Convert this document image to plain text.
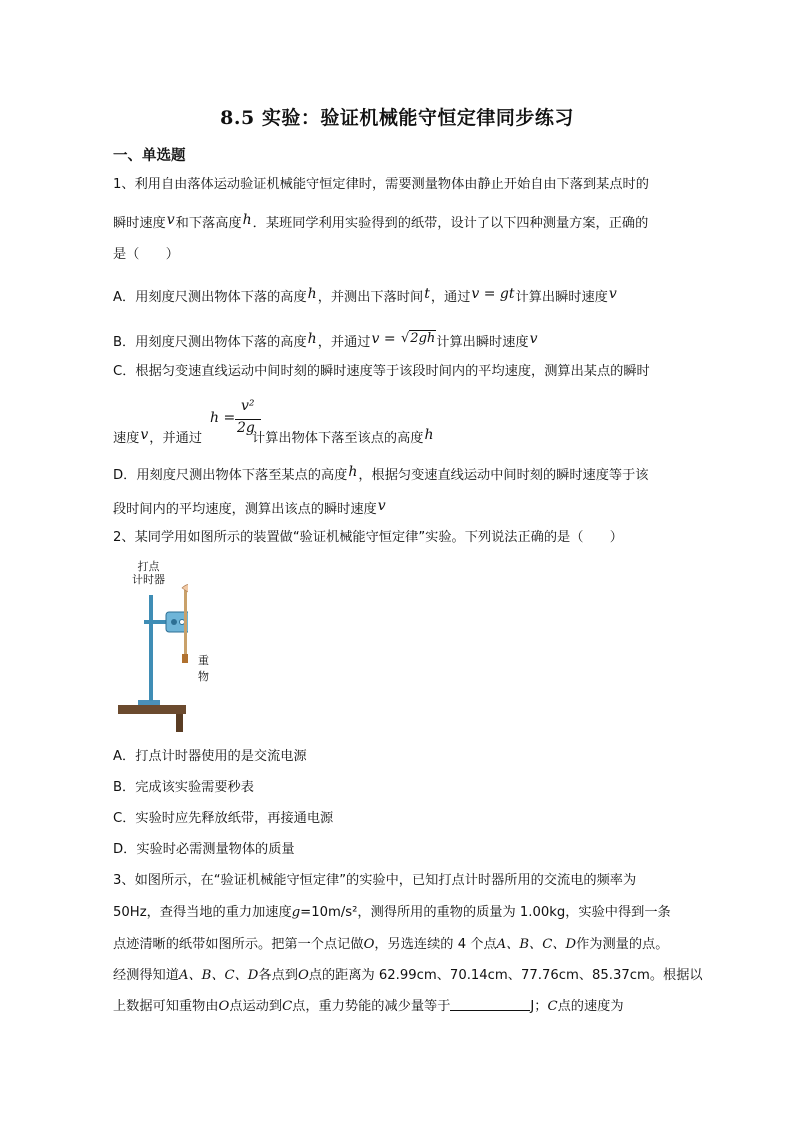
8.5 实验：验证机械能守恒定律同步练习
一、单选题
1、利用自由落体运动验证机械能守恒定律时，需要测量物体由静止开始自由下落到某点时的
瞬时速度v和下落高度h．某班同学利用实验得到的纸带，设计了以下四种测量方案，正确的
是（　　）
A．用刻度尺测出物体下落的高度h，并测出下落时间t，通过v = gt计算出瞬时速度v
B．用刻度尺测出物体下落的高度h，并通过v = √2gh计算出瞬时速度v
C．根据匀变速直线运动中间时刻的瞬时速度等于该段时间内的平均速度，测算出某点的瞬时
h =
v²
2g
速度v，并通过	计算出物体下落至该点的高度h
D．用刻度尺测出物体下落至某点的高度h，根据匀变速直线运动中间时刻的瞬时速度等于该
段时间内的平均速度，测算出该点的瞬时速度v
2、某同学用如图所示的装置做“验证机械能守恒定律”实验。下列说法正确的是（　　）
打点
计时器
重物
A．打点计时器使用的是交流电源
B．完成该实验需要秒表
C．实验时应先释放纸带，再接通电源
D．实验时必需测量物体的质量
3、如图所示，在“验证机械能守恒定律”的实验中，已知打点计时器所用的交流电的频率为
50Hz，查得当地的重力加速度g=10m/s²，测得所用的重物的质量为 1.00kg，实验中得到一条
点迹清晰的纸带如图所示。把第一个点记做O，另选连续的 4 个点A、B、C、D作为测量的点。
经测得知道A、B、C、D各点到O点的距离为 62.99cm、70.14cm、77.76cm、85.37cm。根据以
上数据可知重物由O点运动到C点，重力势能的减少量等于	J；C点的速度为
